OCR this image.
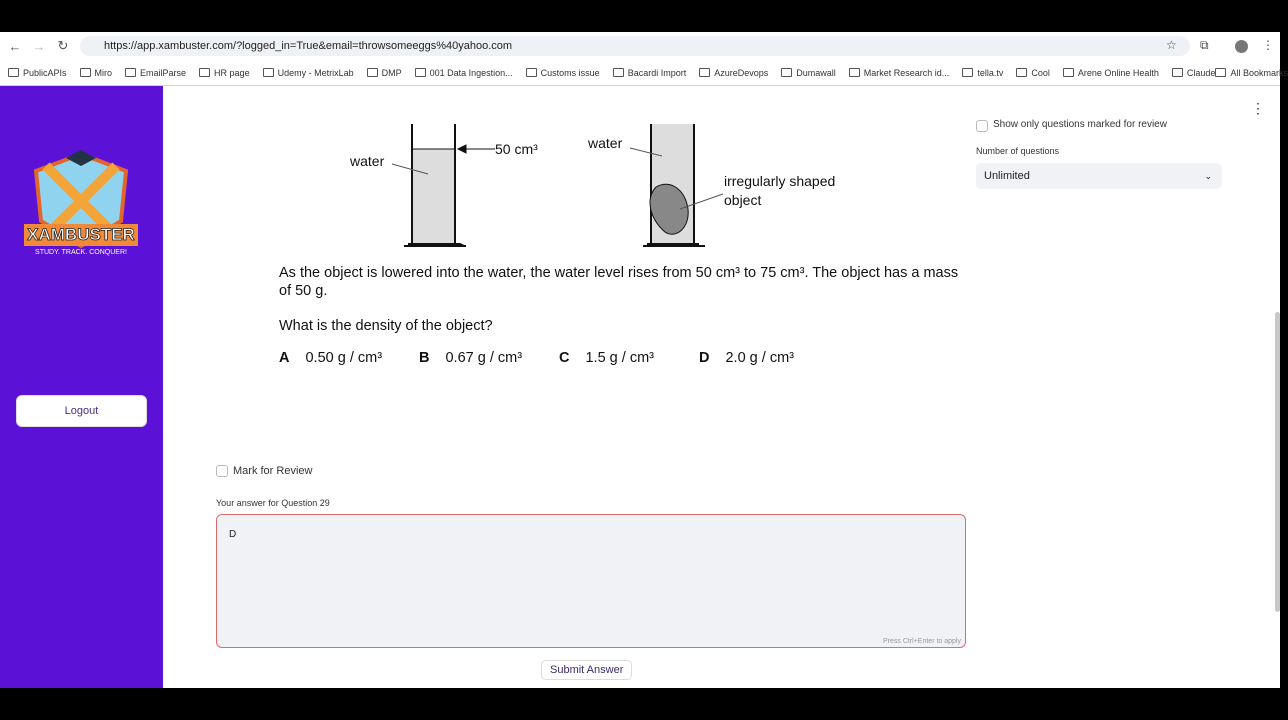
← → ↻	https://app.xambuster.com/?logged_in=True&email=throwsomeeggs%40yahoo.com	☆ ⧉	⋮
PublicAPIs	Miro	EmailParse	HR page	Udemy - MetrixLab	DMP	001 Data Ingestion...	Customs issue	Bacardi Import	AzureDevops	Dumawall	Market Research id...	tella.tv	Cool	Arene Online Health	Claude All Bookmarks
XAMBUSTER
STUDY. TRACK. CONQUER!
Logout
water
50 cm³	water
irregularly shaped
object
As the object is lowered into the water, the water level rises from 50 cm³ to 75 cm³. The object has a mass of 50 g.
What is the density of the object?
A 0.50 g / cm³	B 0.67 g / cm³	C 1.5 g / cm³	D 2.0 g / cm³
Mark for Review
Your answer for Question 29
D
Press Ctrl+Enter to apply
Submit Answer
Show only questions marked for review
Number of questions
Unlimited	⌄
⋮
